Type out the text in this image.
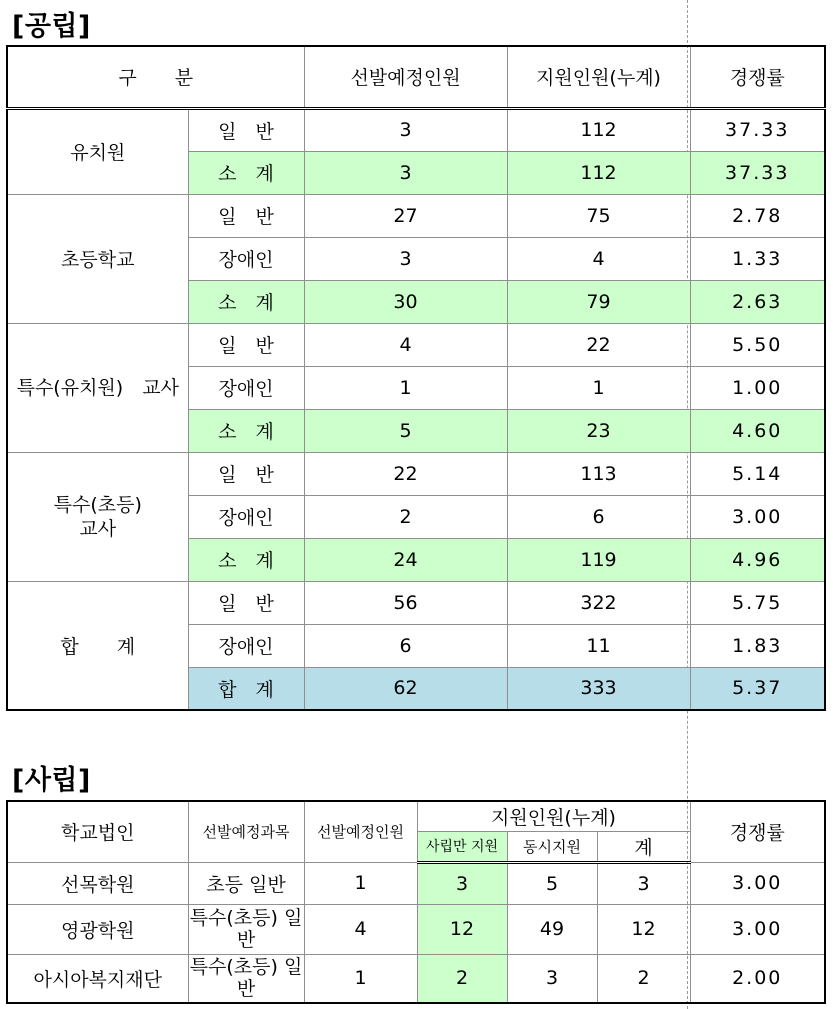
[공립]
구　　분		선발예정인원	지원인원(누계)	경쟁률
유치원	일　반	3	112	37.33
	소　계	3	112	37.33
초등학교	일　반	27	75	2.78
	장애인	3	4	1.33
	소　계	30	79	2.63
특수(유치원)　교사	일　반	4	22	5.50
	장애인	1	1	1.00
	소　계	5	23	4.60
특수(초등) 교사	일　반	22	113	5.14
	장애인	2	6	3.00
	소　계	24	119	4.96
합　　계	일　반	56	322	5.75
	장애인	6	11	1.83
	합　계	62	333	5.37
[사립]
학교법인	선발예정과목	선발예정인원	지원인원(누계)			경쟁률
			사립만 지원	동시지원	계	
선목학원	초등 일반	1	3	5	3	3.00
영광학원	특수(초등) 일반	4	12	49	12	3.00
아시아복지재단	특수(초등) 일반	1	2	3	2	2.00
